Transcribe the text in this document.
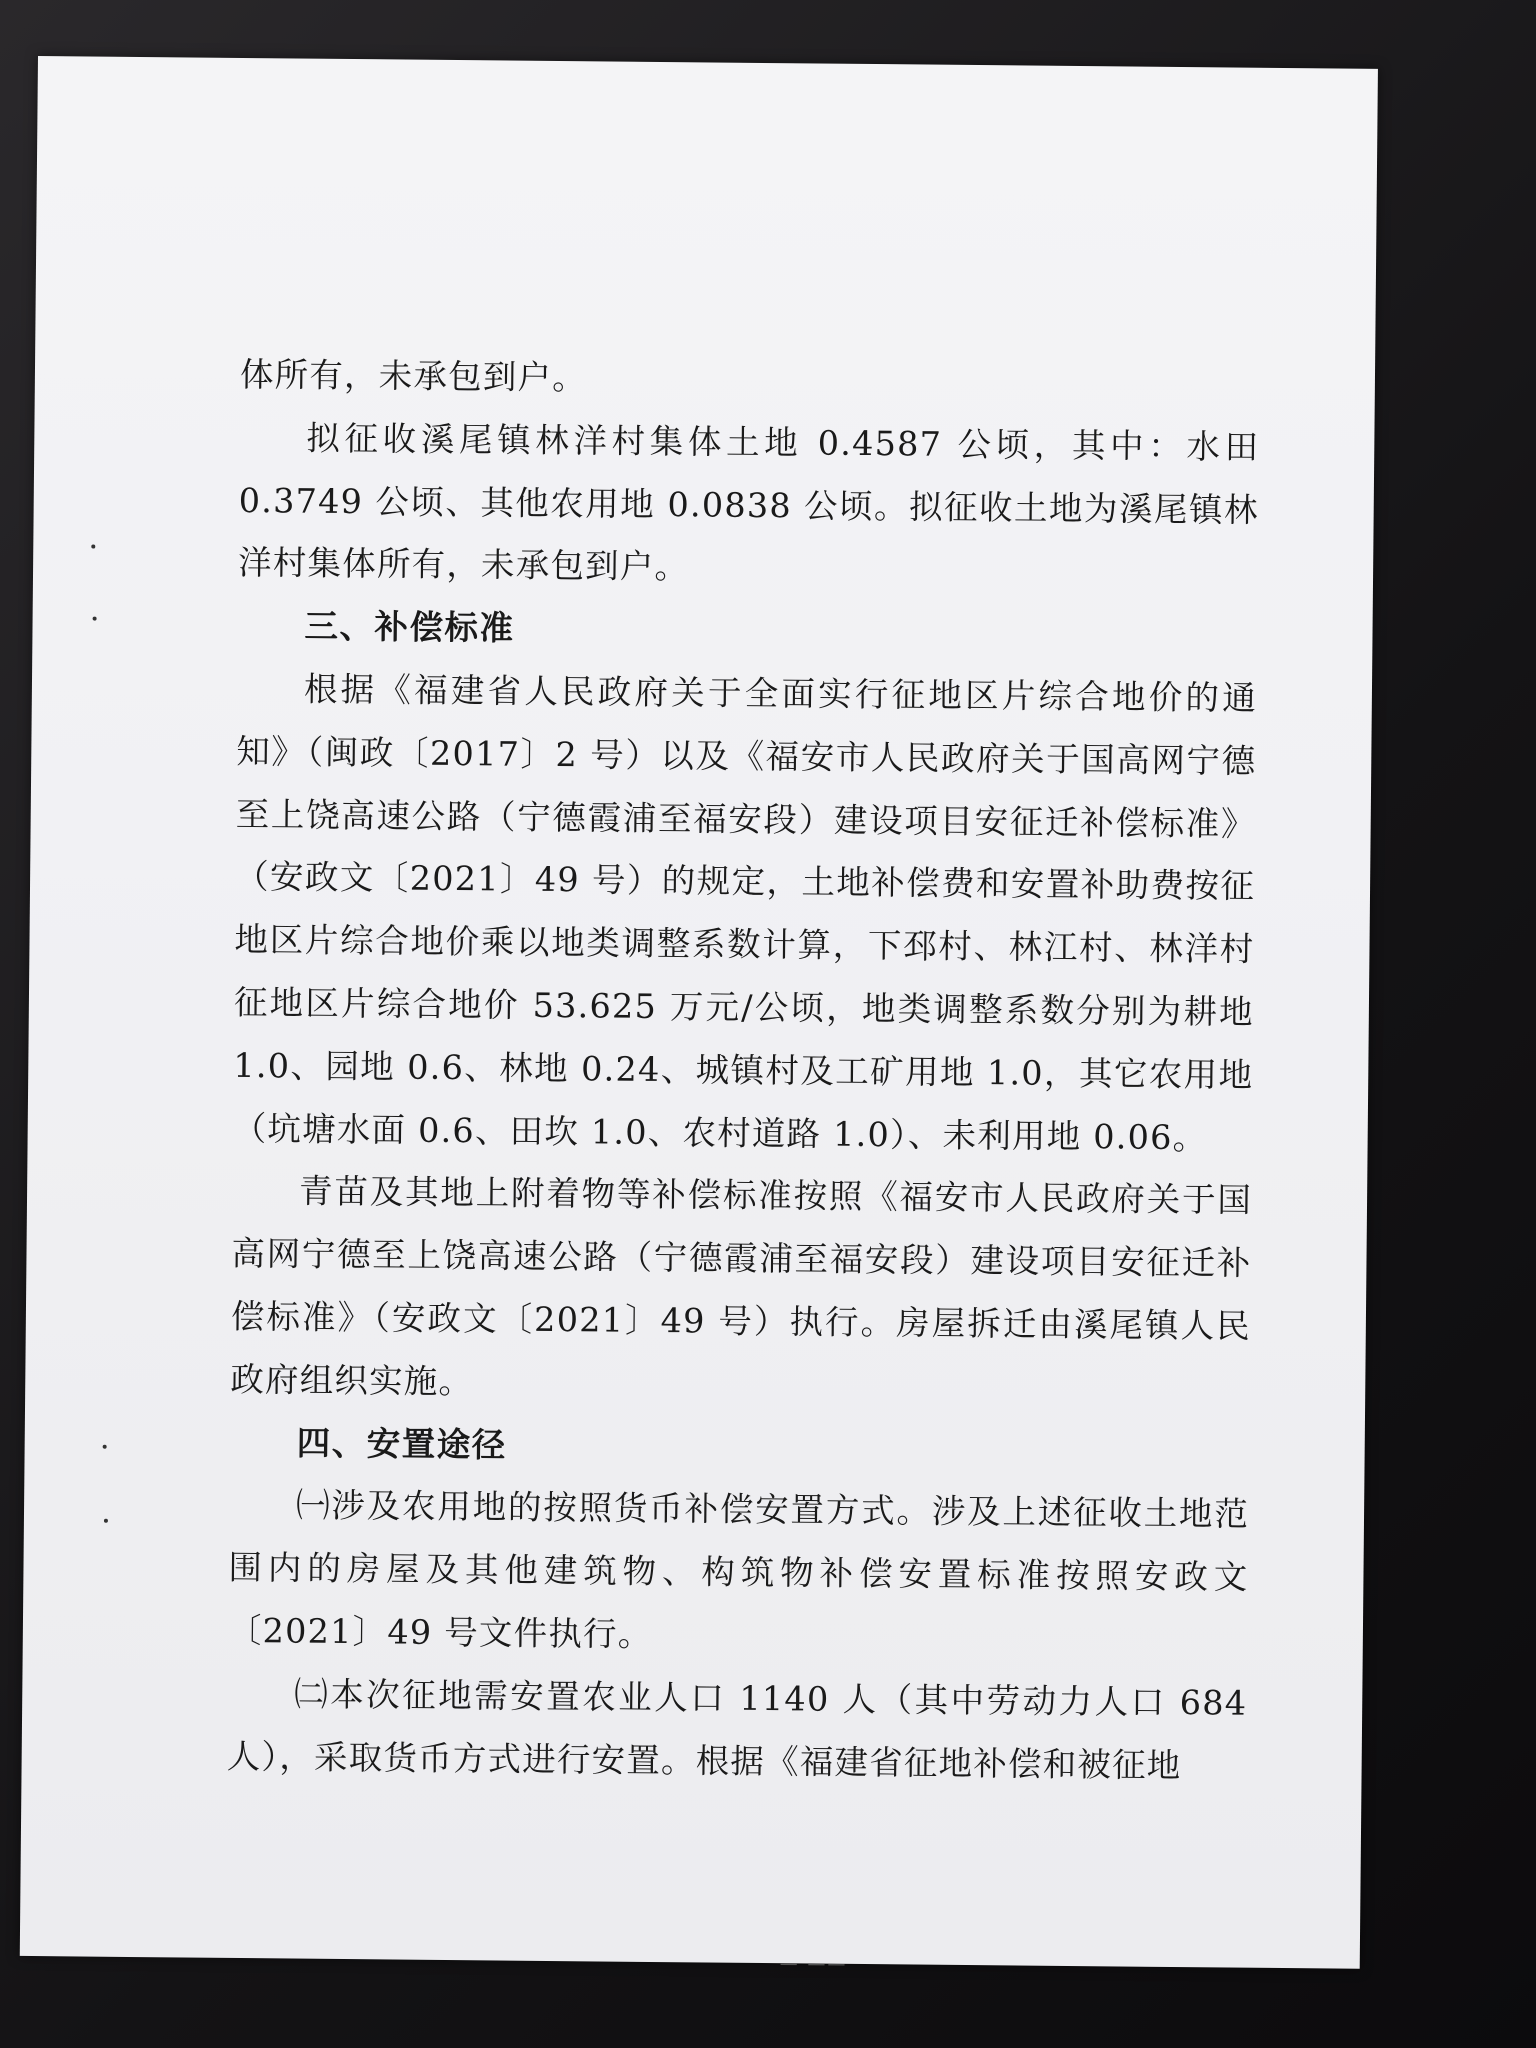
体所有，未承包到户。

拟征收溪尾镇林洋村集体土地 0.4587 公顷，其中：水田 0.3749 公顷、其他农用地 0.0838 公顷。拟征收土地为溪尾镇林洋村集体所有，未承包到户。

三、补偿标准

根据《福建省人民政府关于全面实行征地区片综合地价的通知》（闽政〔2017〕2 号）以及《福安市人民政府关于国高网宁德至上饶高速公路（宁德霞浦至福安段）建设项目安征迁补偿标准》（安政文〔2021〕49 号）的规定，土地补偿费和安置补助费按征地区片综合地价乘以地类调整系数计算，下邳村、林江村、林洋村征地区片综合地价 53.625 万元/公顷，地类调整系数分别为耕地 1.0、园地 0.6、林地 0.24、城镇村及工矿用地 1.0，其它农用地（坑塘水面 0.6、田坎 1.0、农村道路 1.0）、未利用地 0.06。

青苗及其地上附着物等补偿标准按照《福安市人民政府关于国高网宁德至上饶高速公路（宁德霞浦至福安段）建设项目安征迁补偿标准》（安政文〔2021〕49 号）执行。房屋拆迁由溪尾镇人民政府组织实施。

四、安置途径

㈠涉及农用地的按照货币补偿安置方式。涉及上述征收土地范围内的房屋及其他建筑物、构筑物补偿安置标准按照安政文〔2021〕49 号文件执行。

㈡本次征地需安置农业人口 1140 人（其中劳动力人口 684 人），采取货币方式进行安置。根据《福建省征地补偿和被征地

— ——
